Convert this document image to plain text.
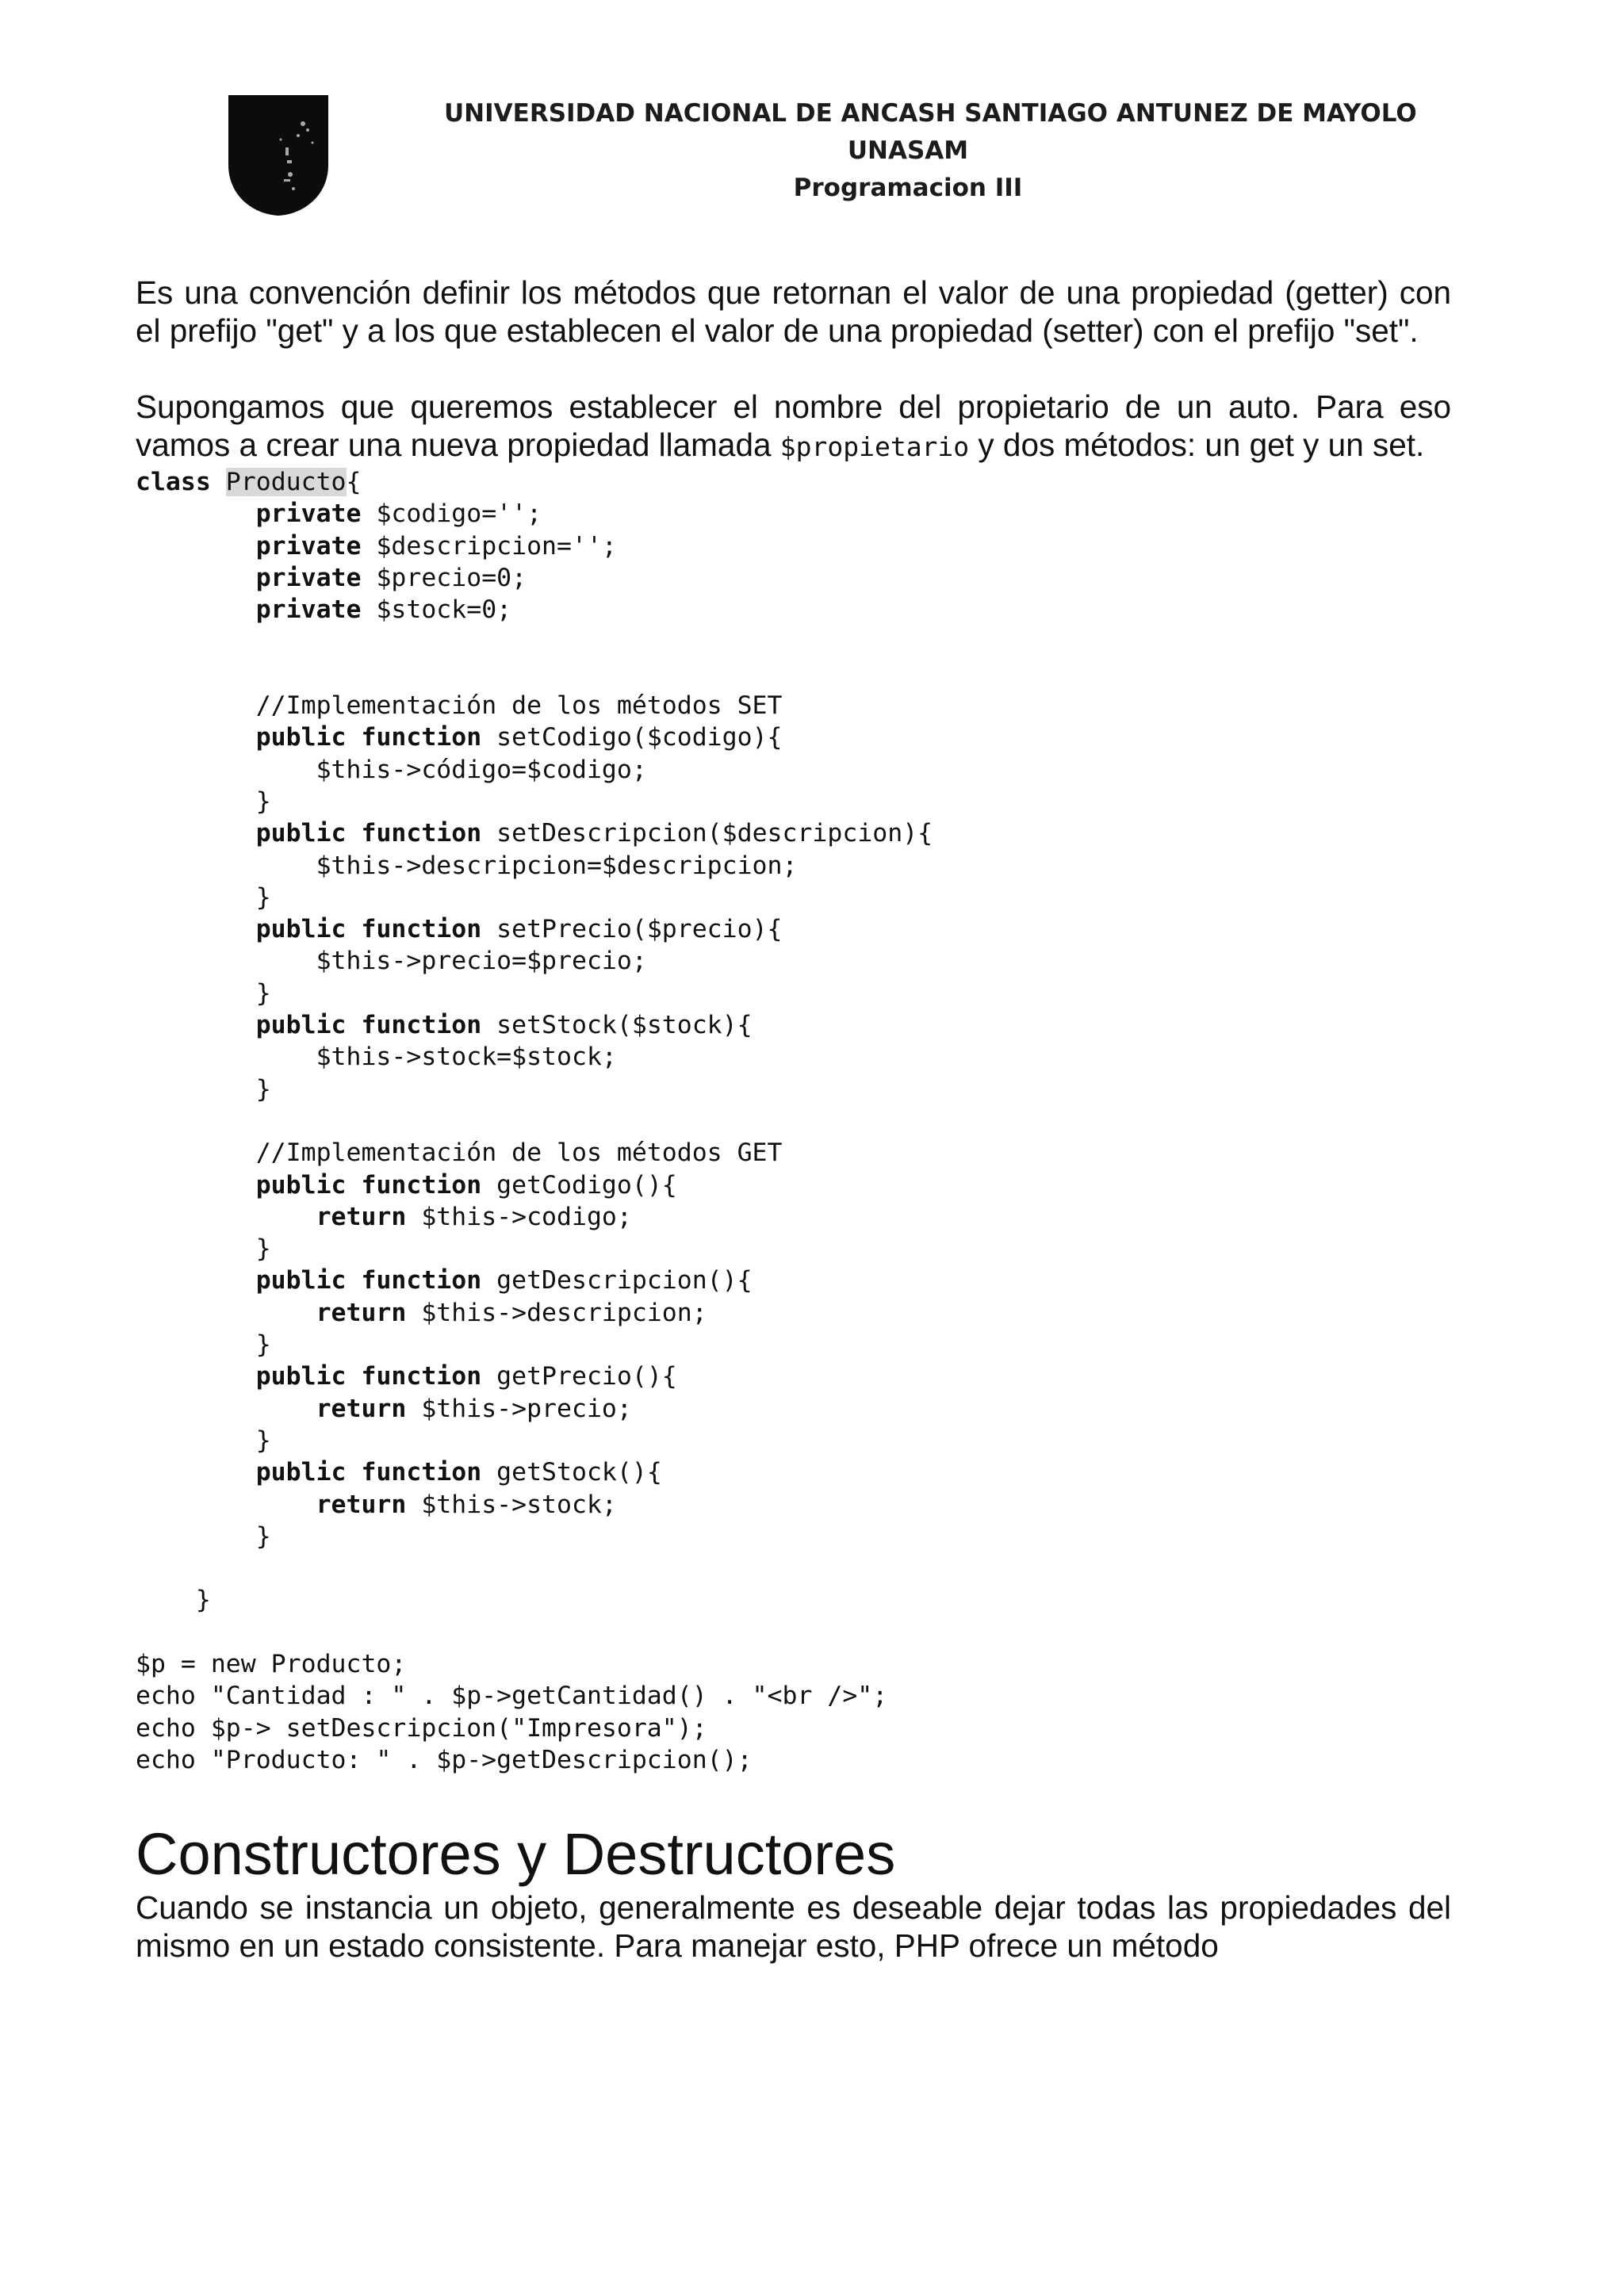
UNIVERSIDAD NACIONAL DE ANCASH SANTIAGO ANTUNEZ DE MAYOLO
UNASAM
Programacion III

Es una convención definir los métodos que retornan el valor de una propiedad (getter) con el prefijo "get" y a los que establecen el valor de una propiedad (setter) con el prefijo "set".

Supongamos que queremos establecer el nombre del propietario de un auto. Para eso vamos a crear una nueva propiedad llamada $propietario y dos métodos: un get y un set.

class Producto{
private $codigo='';
private $descripcion='';
private $precio=0;
private $stock=0;

//Implementación de los métodos SET
public function setCodigo($codigo){
$this->código=$codigo;
}
public function setDescripcion($descripcion){
$this->descripcion=$descripcion;
}
public function setPrecio($precio){
$this->precio=$precio;
}
public function setStock($stock){
$this->stock=$stock;
}

//Implementación de los métodos GET
public function getCodigo(){
return $this->codigo;
}
public function getDescripcion(){
return $this->descripcion;
}
public function getPrecio(){
return $this->precio;
}
public function getStock(){
return $this->stock;
}

}

$p = new Producto;
echo "Cantidad : " . $p->getCantidad() . "<br />";
echo $p-> setDescripcion("Impresora");
echo "Producto: " . $p->getDescripcion();
Constructores y Destructores

Cuando se instancia un objeto, generalmente es deseable dejar todas las propiedades del mismo en un estado consistente. Para manejar esto, PHP ofrece un método
